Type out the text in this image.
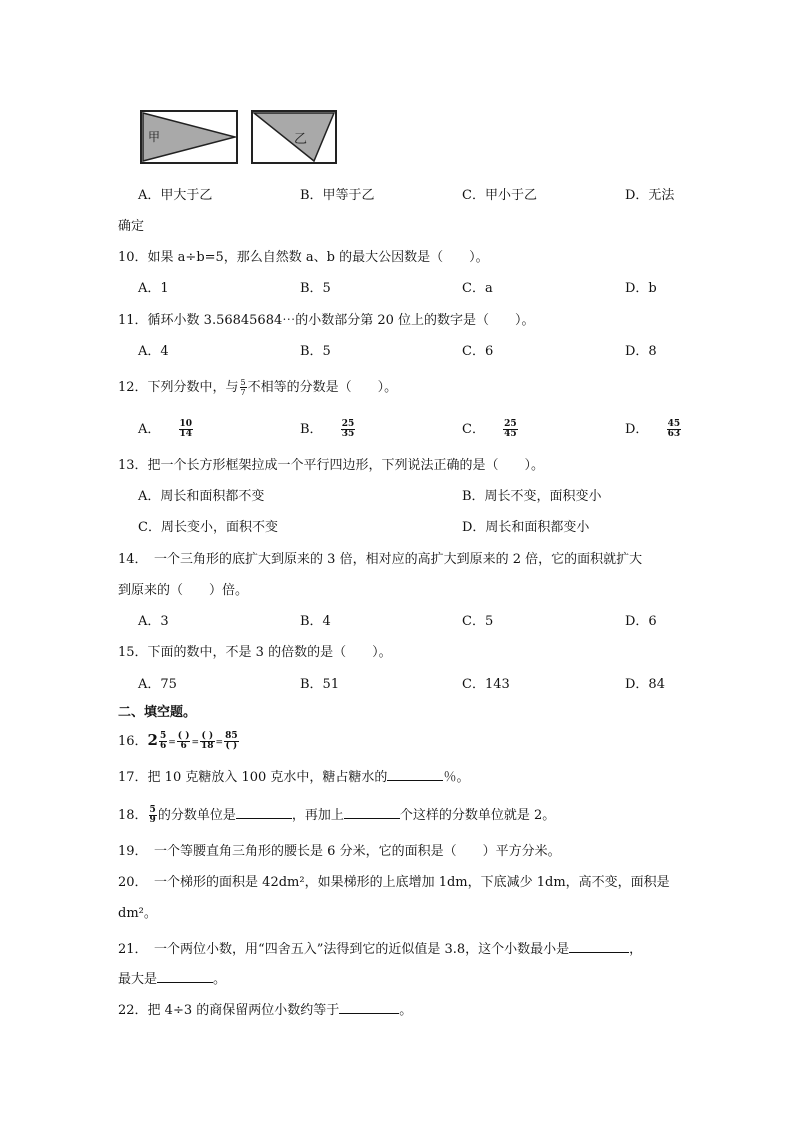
甲	乙
A．甲大于乙	B．甲等于乙	C．甲小于乙	D．无法
确定
10．如果 a÷b=5，那么自然数 a、b 的最大公因数是（　　）。
A．1	B．5	C．a	D．b
11．循环小数 3.56845684⋯的小数部分第 20 位上的数字是（　　）。
A．4	B．5	C．6	D．8
12．下列分数中，与 $\frac{5}{7}$ 不相等的分数是（　　）。
A． $\frac{10}{14}$	B． $\frac{25}{35}$	C． $\frac{25}{45}$	D． $\frac{45}{63}$
13．把一个长方形框架拉成一个平行四边形，下列说法正确的是（　　）。
A．周长和面积都不变	B．周长不变，面积变小
C．周长变小，面积不变	D．周长和面积都变小
14．　一个三角形的底扩大到原来的 3 倍，相对应的高扩大到原来的 2 倍，它的面积就扩大
到原来的（　　）倍。
A．3	B．4	C．5	D．6
15．下面的数中，不是 3 的倍数的是（　　）。
A．75	B．51	C．143	D．84
二、填空题。
16．$2 \frac{5}{6} = \frac{( )}{6} = \frac{( )}{18} = \frac{85}{( )}$
17．把 10 克糖放入 100 克水中，糖占糖水的	％。
18． $\frac{5}{9}$ 的分数单位是	，再加上	个这样的分数单位就是 2。
19．　一个等腰直角三角形的腰长是 6 分米，它的面积是（　　）平方分米。
20．　一个梯形的面积是 42dm²，如果梯形的上底增加 1dm，下底减少 1dm，高不变，面积是
dm²。
21．　一个两位小数，用“四舍五入”法得到它的近似值是 3.8，这个小数最小是	，
最大是	。
22．把 4÷3 的商保留两位小数约等于	。
